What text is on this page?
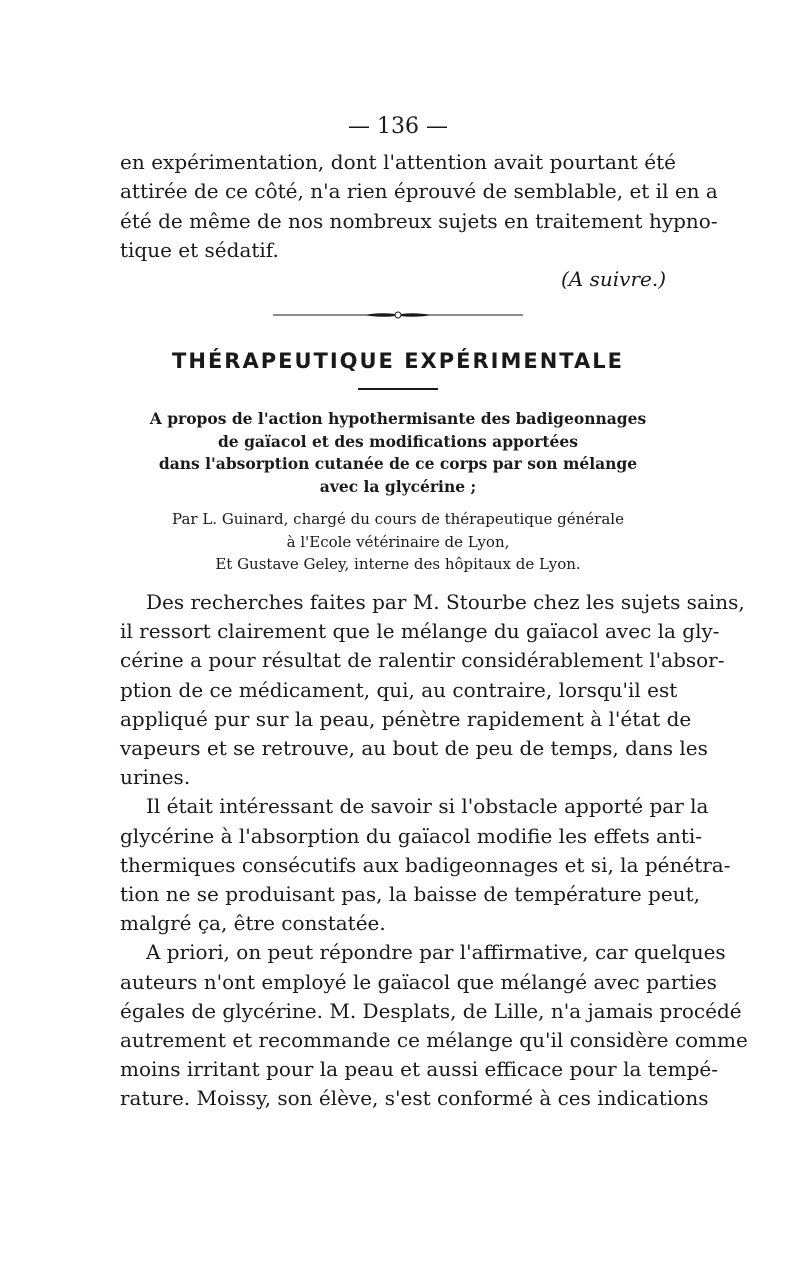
— 136 —
en expérimentation, dont l'attention avait pourtant été
attirée de ce côté, n'a rien éprouvé de semblable, et il en a
été de même de nos nombreux sujets en traitement hypno-
tique et sédatif.
(A suivre.)
THÉRAPEUTIQUE EXPÉRIMENTALE
A propos de l'action hypothermisante des badigeonnages
de gaïacol et des modifications apportées
dans l'absorption cutanée de ce corps par son mélange
avec la glycérine ;
Par L. Guinard, chargé du cours de thérapeutique générale
à l'Ecole vétérinaire de Lyon,
Et Gustave Geley, interne des hôpitaux de Lyon.
Des recherches faites par M. Stourbe chez les sujets sains,
il ressort clairement que le mélange du gaïacol avec la gly-
cérine a pour résultat de ralentir considérablement l'absor-
ption de ce médicament, qui, au contraire, lorsqu'il est
appliqué pur sur la peau, pénètre rapidement à l'état de
vapeurs et se retrouve, au bout de peu de temps, dans les
urines.
Il était intéressant de savoir si l'obstacle apporté par la
glycérine à l'absorption du gaïacol modifie les effets anti-
thermiques consécutifs aux badigeonnages et si, la pénétra-
tion ne se produisant pas, la baisse de température peut,
malgré ça, être constatée.
A priori, on peut répondre par l'affirmative, car quelques
auteurs n'ont employé le gaïacol que mélangé avec parties
égales de glycérine. M. Desplats, de Lille, n'a jamais procédé
autrement et recommande ce mélange qu'il considère comme
moins irritant pour la peau et aussi efficace pour la tempé-
rature. Moissy, son élève, s'est conformé à ces indications
